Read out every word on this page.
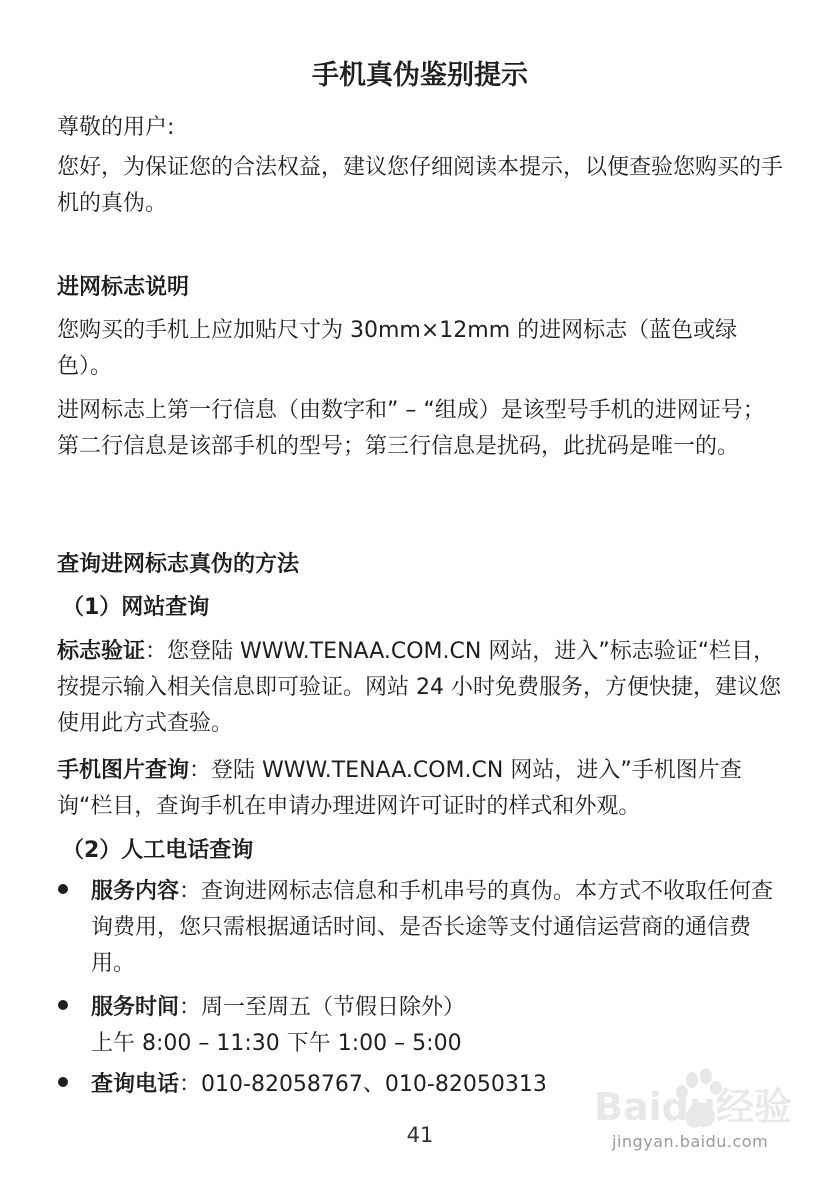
手机真伪鉴别提示
尊敬的用户:
您好，为保证您的合法权益，建议您仔细阅读本提示，以便查验您购买的手机的真伪。
进网标志说明
您购买的手机上应加贴尺寸为 30mm×12mm 的进网标志（蓝色或绿色）。
进网标志上第一行信息（由数字和” – “组成）是该型号手机的进网证号；第二行信息是该部手机的型号；第三行信息是扰码，此扰码是唯一的。
查询进网标志真伪的方法
（1）网站查询
标志验证：您登陆 WWW.TENAA.COM.CN 网站，进入”标志验证“栏目，按提示输入相关信息即可验证。网站 24 小时免费服务，方便快捷，建议您使用此方式查验。
手机图片查询：登陆 WWW.TENAA.COM.CN 网站，进入”手机图片查询“栏目，查询手机在申请办理进网许可证时的样式和外观。
（2）人工电话查询
服务内容：查询进网标志信息和手机串号的真伪。本方式不收取任何查询费用，您只需根据通话时间、是否长途等支付通信运营商的通信费用。
服务时间：周一至周五（节假日除外）
上午 8:00 – 11:30 下午 1:00 – 5:00
查询电话：010-82058767、010-82050313
41
Baidu经验
jingyan.baidu.com
